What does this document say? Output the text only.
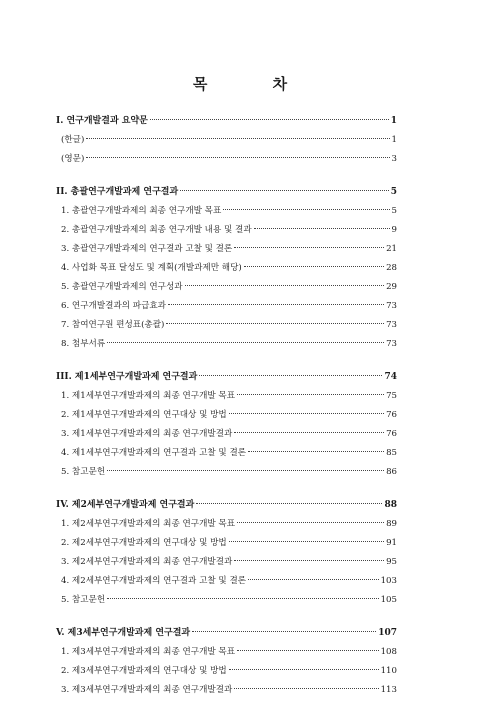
목 차
I. 연구개발결과 요약문	1
(한글)	1
(영문)	3
II. 총괄연구개발과제 연구결과	5
1. 총괄연구개발과제의 최종 연구개발 목표	5
2. 총괄연구개발과제의 최종 연구개발 내용 및 결과	9
3. 총괄연구개발과제의 연구결과 고찰 및 결론	21
4. 사업화 목표 달성도 및 계획(개발과제만 해당)	28
5. 총괄연구개발과제의 연구성과	29
6. 연구개발결과의 파급효과	73
7. 참여연구원 편성표(총괄)	73
8. 첨부서류	73
III. 제1세부연구개발과제 연구결과	74
1. 제1세부연구개발과제의 최종 연구개발 목표	75
2. 제1세부연구개발과제의 연구대상 및 방법	76
3. 제1세부연구개발과제의 최종 연구개발결과	76
4. 제1세부연구개발과제의 연구결과 고찰 및 결론	85
5. 참고문헌	86
IV. 제2세부연구개발과제 연구결과	88
1. 제2세부연구개발과제의 최종 연구개발 목표	89
2. 제2세부연구개발과제의 연구대상 및 방법	91
3. 제2세부연구개발과제의 최종 연구개발결과	95
4. 제2세부연구개발과제의 연구결과 고찰 및 결론	103
5. 참고문헌	105
V. 제3세부연구개발과제 연구결과	107
1. 제3세부연구개발과제의 최종 연구개발 목표	108
2. 제3세부연구개발과제의 연구대상 및 방법	110
3. 제3세부연구개발과제의 최종 연구개발결과	113
